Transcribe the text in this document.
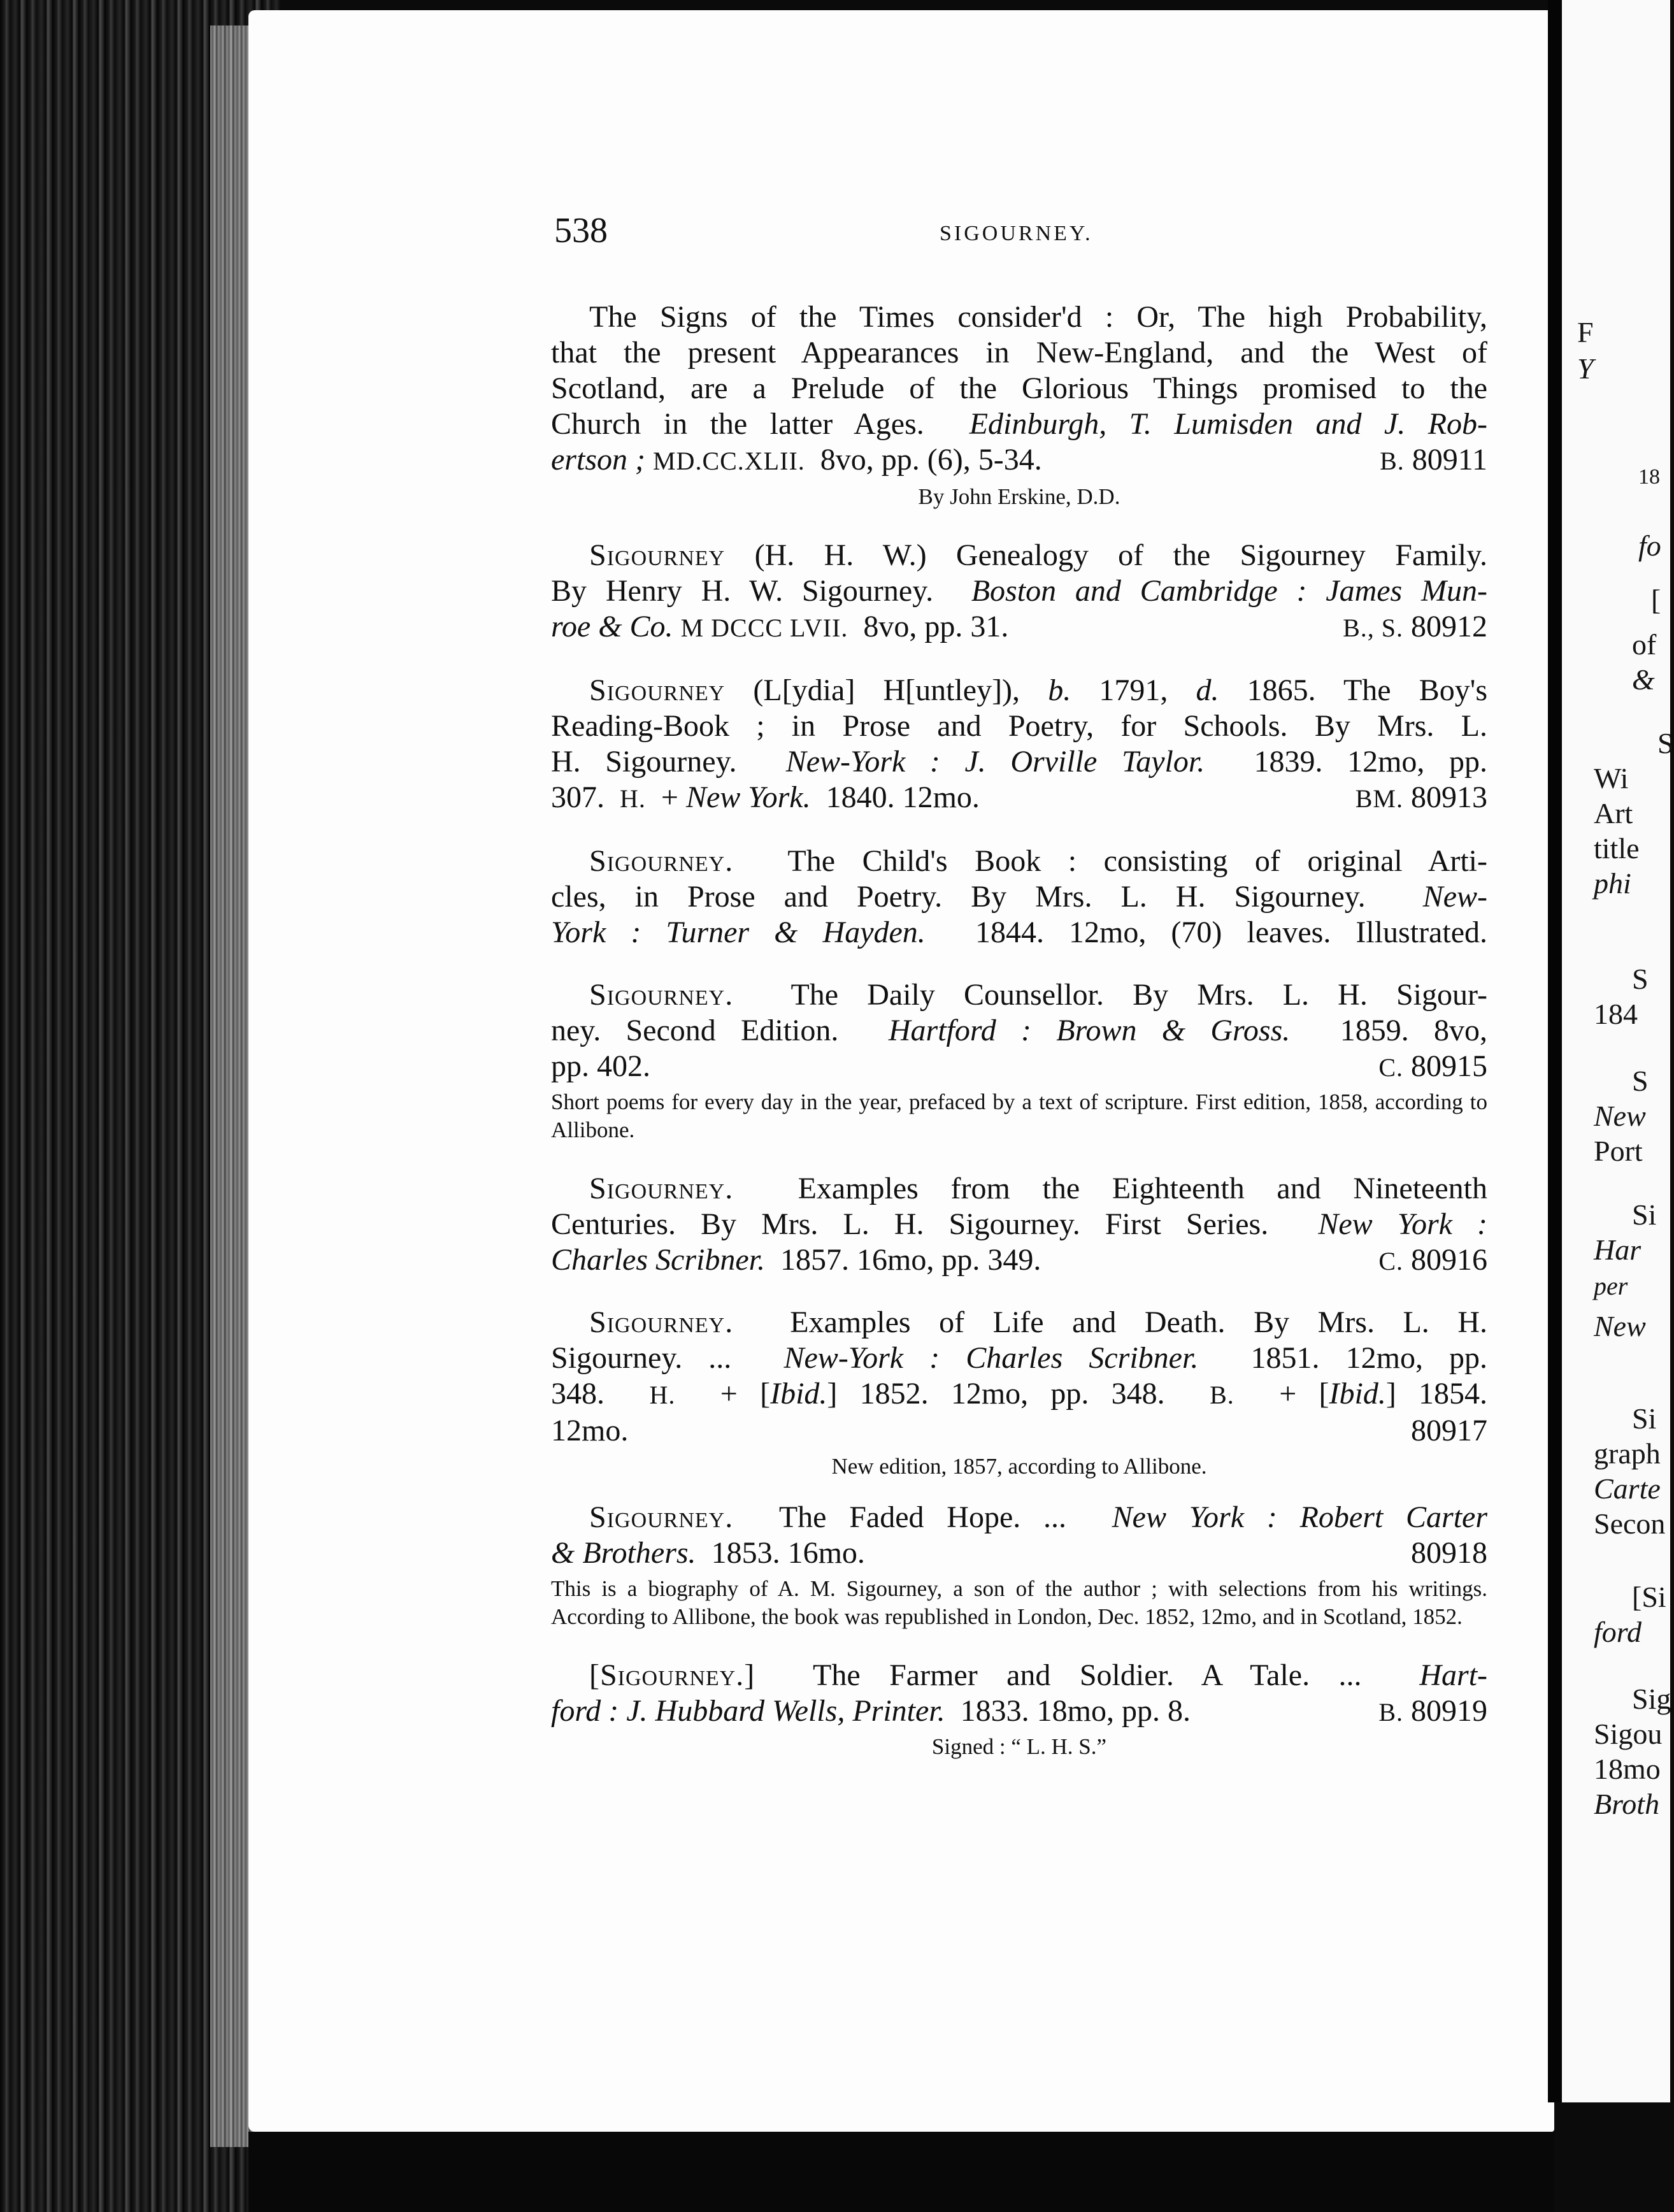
F
Y
18
fo
[
of
&
S
Wi
Art
title
phi
S
184
S
New
Port
Si
Har
per
New
Si
graph
Carte
Secon
[Si
ford
Sig
Sigou
18mo
Broth
538	SIGOURNEY.

The Signs of the Times consider'd : Or, The high Probability,

that the present Appearances in New-England, and the West of

Scotland, are a Prelude of the Glorious Things promised to the

Church in the latter Ages. Edinburgh, T. Lumisden and J. Rob-

ertson ; MD.CC.XLII. 8vo, pp. (6), 5-34.	B. 80911

By John Erskine, D.D.

Sigourney (H. H. W.) Genealogy of the Sigourney Family.

By Henry H. W. Sigourney. Boston and Cambridge : James Mun-

roe & Co. M DCCC LVII. 8vo, pp. 31.	B., S. 80912

Sigourney (L[ydia] H[untley]), b. 1791, d. 1865. The Boy's

Reading-Book ; in Prose and Poetry, for Schools. By Mrs. L.

H. Sigourney. New-York : J. Orville Taylor. 1839. 12mo, pp.

307. H. + New York. 1840. 12mo.	BM. 80913

Sigourney. The Child's Book : consisting of original Arti-

cles, in Prose and Poetry. By Mrs. L. H. Sigourney. New-

York : Turner & Hayden. 1844. 12mo, (70) leaves. Illustrated.

Sigourney. The Daily Counsellor. By Mrs. L. H. Sigour-

ney. Second Edition. Hartford : Brown & Gross. 1859. 8vo,

pp. 402.	C. 80915

Short poems for every day in the year, prefaced by a text of scripture. First edition, 1858, according to Allibone.

Sigourney. Examples from the Eighteenth and Nineteenth

Centuries. By Mrs. L. H. Sigourney. First Series. New York :

Charles Scribner. 1857. 16mo, pp. 349.	C. 80916

Sigourney. Examples of Life and Death. By Mrs. L. H.

Sigourney. ... New-York : Charles Scribner. 1851. 12mo, pp.

348. H. + [Ibid.] 1852. 12mo, pp. 348. B. + [Ibid.] 1854.

12mo.	80917

New edition, 1857, according to Allibone.

Sigourney. The Faded Hope. ... New York : Robert Carter

& Brothers. 1853. 16mo.	80918

This is a biography of A. M. Sigourney, a son of the author ; with selections from his writings. According to Allibone, the book was republished in London, Dec. 1852, 12mo, and in Scotland, 1852.

[Sigourney.] The Farmer and Soldier. A Tale. ... Hart-

ford : J. Hubbard Wells, Printer. 1833. 18mo, pp. 8.	B. 80919

Signed : “ L. H. S.”
